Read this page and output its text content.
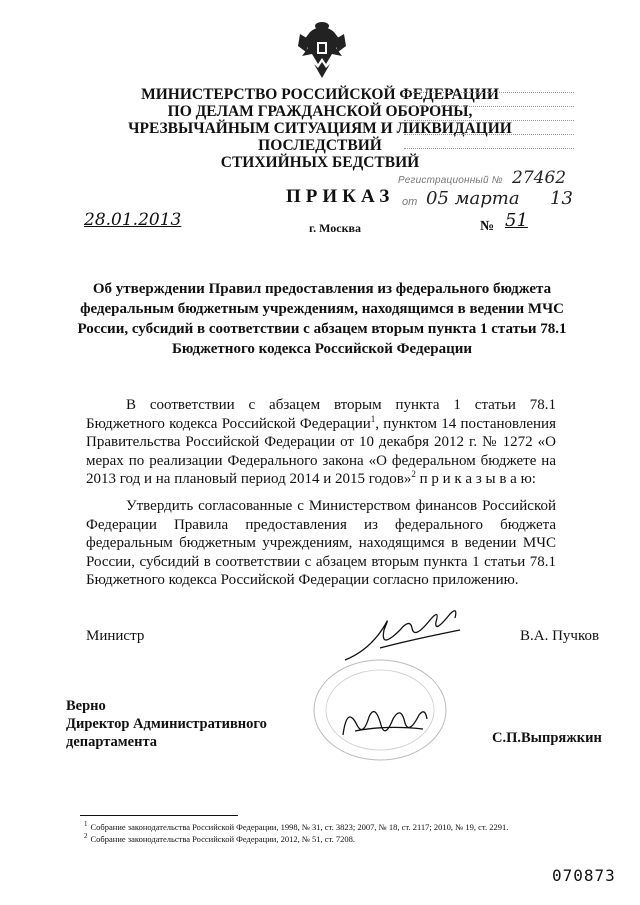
МИНИСТЕРСТВО РОССИЙСКОЙ ФЕДЕРАЦИИ
ПО ДЕЛАМ ГРАЖДАНСКОЙ ОБОРОНЫ,
ЧРЕЗВЫЧАЙНЫМ СИТУАЦИЯМ И ЛИКВИДАЦИИ ПОСЛЕДСТВИЙ
СТИХИЙНЫХ БЕДСТВИЙ
Регистрационный № 27462
от 05 марта 13
ПРИКАЗ
28.01.2013	г. Москва	№ 51
Об утверждении Правил предоставления из федерального бюджета федеральным бюджетным учреждениям, находящимся в ведении МЧС России, субсидий в соответствии с абзацем вторым пункта 1 статьи 78.1 Бюджетного кодекса Российской Федерации
В соответствии с абзацем вторым пункта 1 статьи 78.1 Бюджетного кодекса Российской Федерации$^1$, пунктом 14 постановления Правительства Российской Федерации от 10 декабря 2012 г. № 1272 «О мерах по реализации Федерального закона «О федеральном бюджете на 2013 год и на плановый период 2014 и 2015 годов»$^2$ п р и к а з ы в а ю:
Утвердить согласованные с Министерством финансов Российской Федерации Правила предоставления из федерального бюджета федеральным бюджетным учреждениям, находящимся в ведении МЧС России, субсидий в соответствии с абзацем вторым пункта 1 статьи 78.1 Бюджетного кодекса Российской Федерации согласно приложению.
Министр	В.А. Пучков
Верно
Директор Административного
департамента	С.П.Выпряжкин
$^1$ Собрание законодательства Российской Федерации, 1998, № 31, ст. 3823; 2007, № 18, ст. 2117; 2010, № 19, ст. 2291.
$^2$ Собрание законодательства Российской Федерации, 2012, № 51, ст. 7208.
070873
